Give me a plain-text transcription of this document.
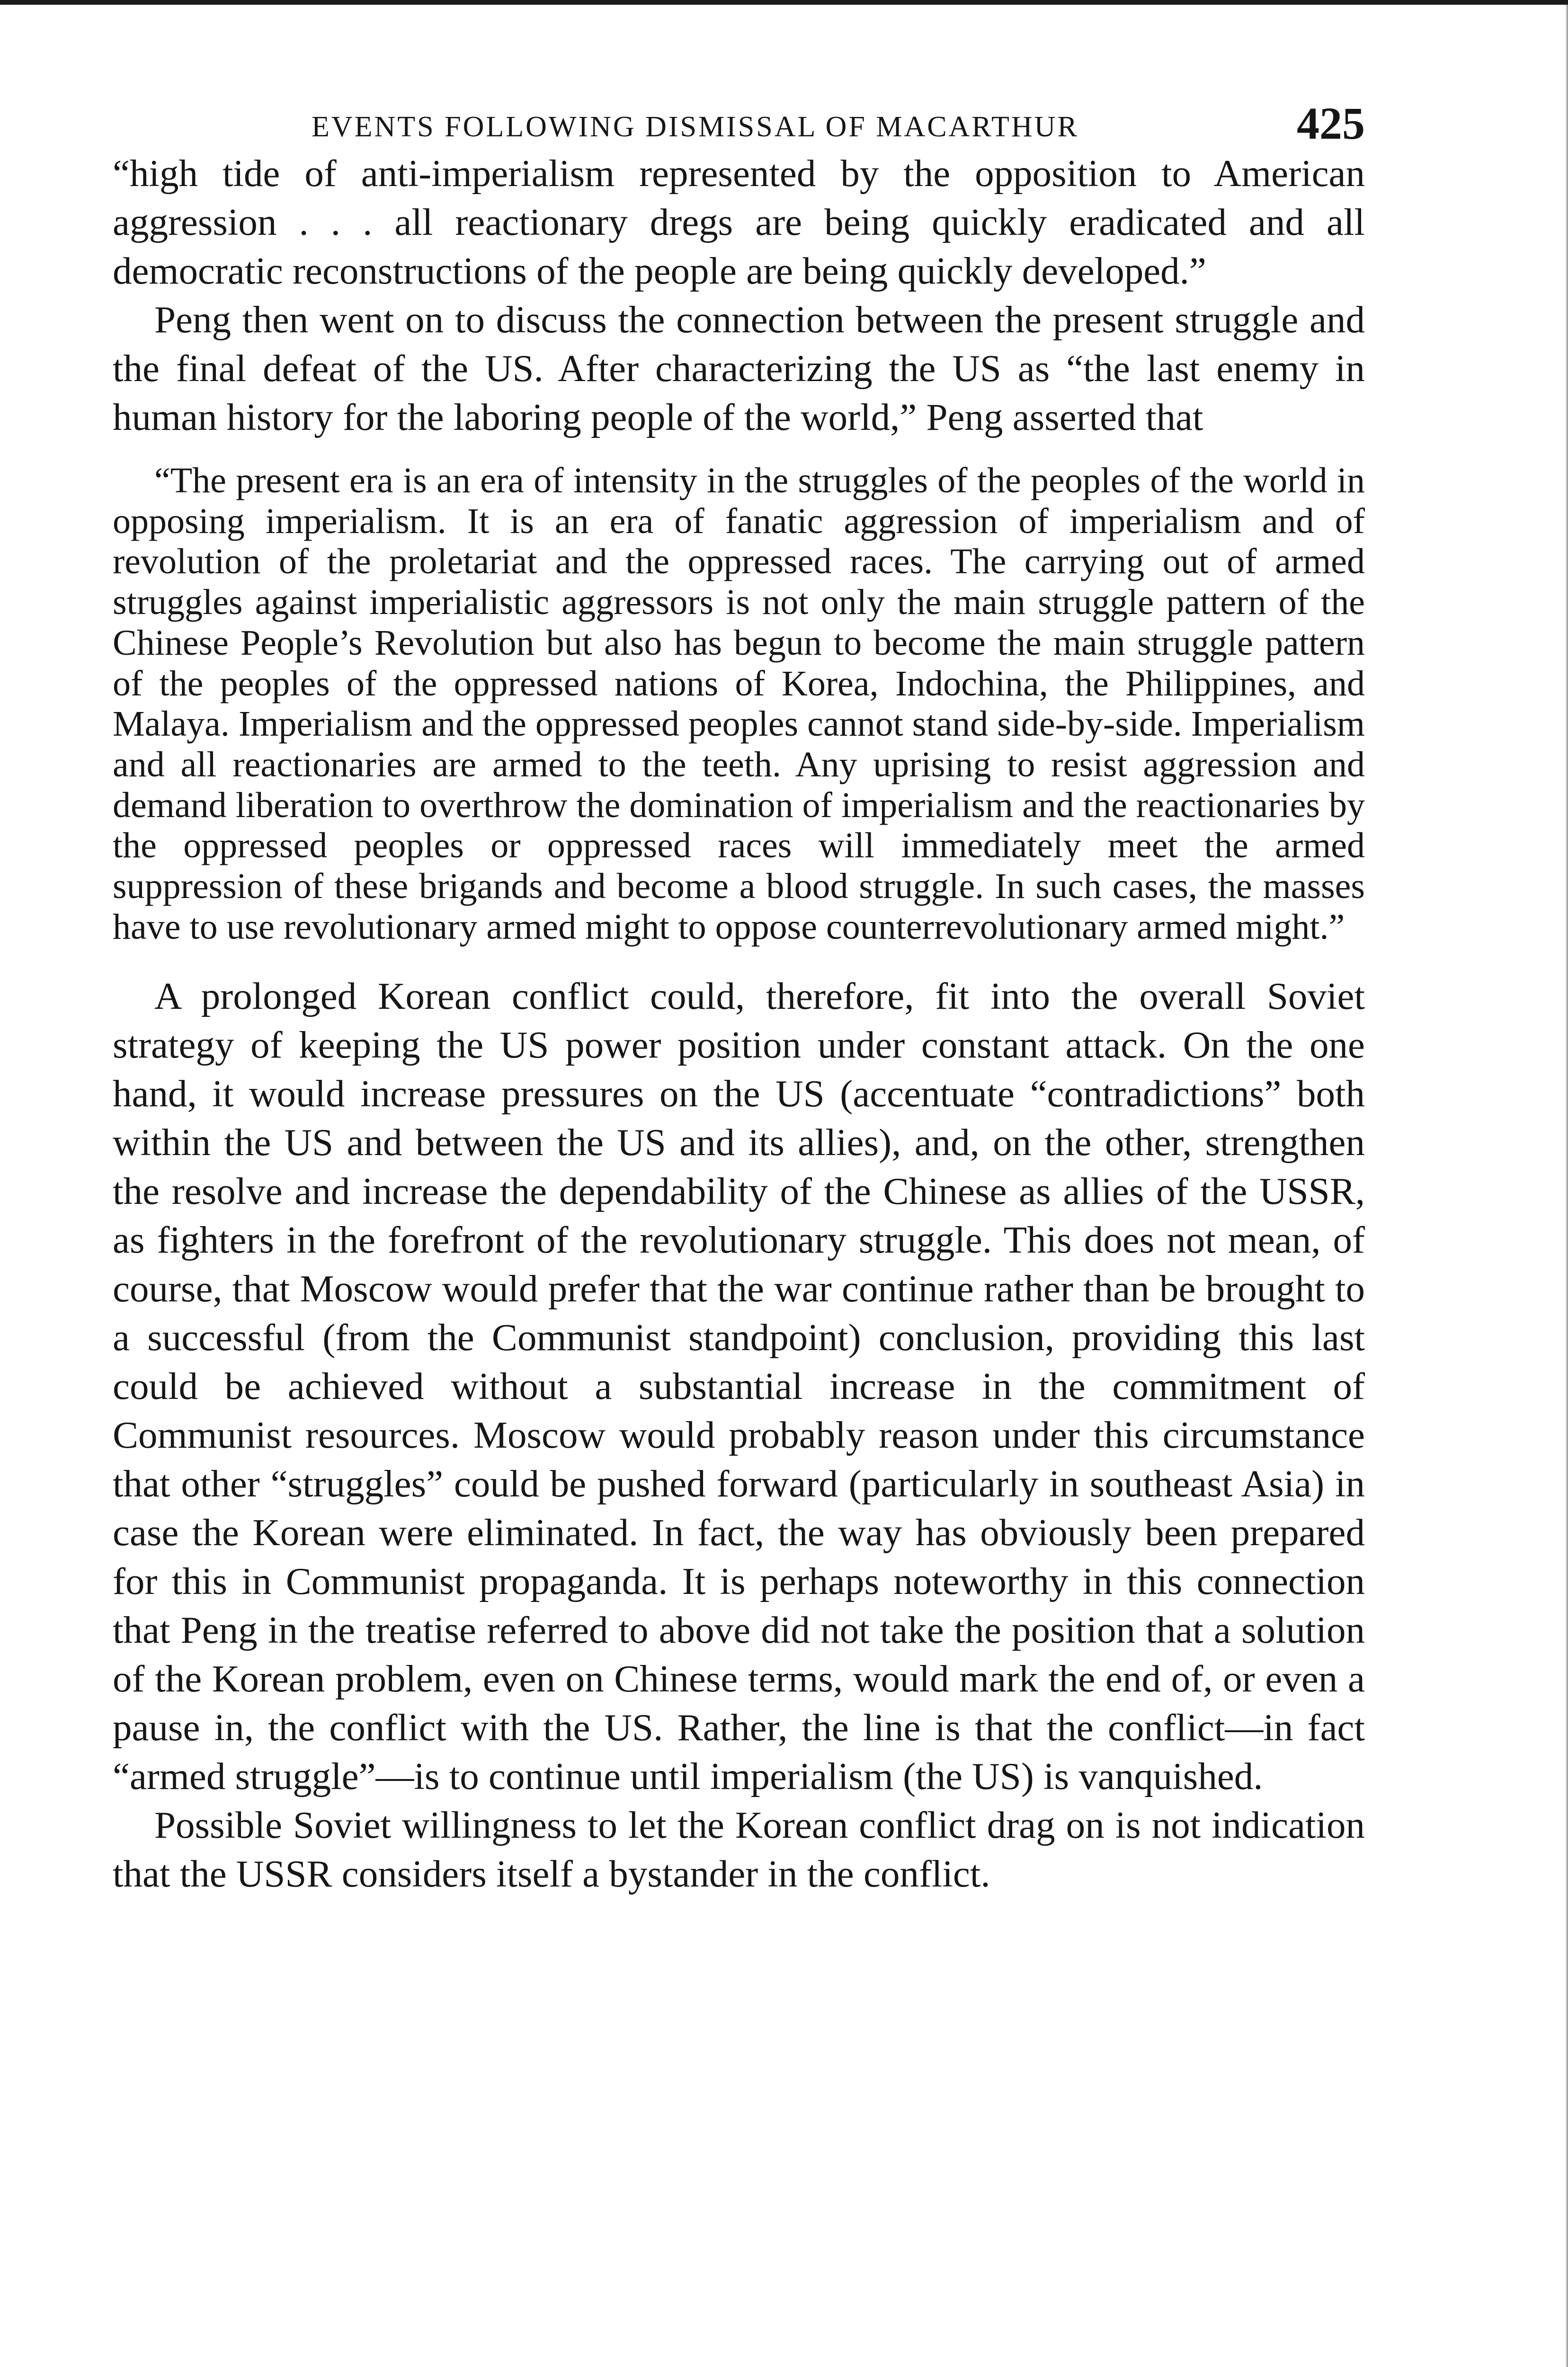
EVENTS FOLLOWING DISMISSAL OF MACARTHUR	425

“high tide of anti-imperialism represented by the opposition to American aggression . . . all reactionary dregs are being quickly eradicated and all democratic reconstructions of the people are being quickly developed.”

Peng then went on to discuss the connection between the present struggle and the final defeat of the US. After characterizing the US as “the last enemy in human history for the laboring people of the world,” Peng asserted that

“The present era is an era of intensity in the struggles of the peoples of the world in opposing imperialism. It is an era of fanatic aggression of imperialism and of revolution of the proletariat and the oppressed races. The carrying out of armed struggles against imperialistic aggressors is not only the main struggle pattern of the Chinese People’s Revolution but also has begun to become the main struggle pattern of the peoples of the oppressed nations of Korea, Indochina, the Philippines, and Malaya. Imperialism and the oppressed peoples cannot stand side-by-side. Imperialism and all reactionaries are armed to the teeth. Any uprising to resist aggression and demand liberation to overthrow the domination of imperialism and the reactionaries by the oppressed peoples or oppressed races will immediately meet the armed suppression of these brigands and become a blood struggle. In such cases, the masses have to use revolutionary armed might to oppose counterrevolutionary armed might.”

A prolonged Korean conflict could, therefore, fit into the overall Soviet strategy of keeping the US power position under constant attack. On the one hand, it would increase pressures on the US (accentuate “contradictions” both within the US and between the US and its allies), and, on the other, strengthen the resolve and increase the dependability of the Chinese as allies of the USSR, as fighters in the forefront of the revolutionary struggle. This does not mean, of course, that Moscow would prefer that the war continue rather than be brought to a successful (from the Communist standpoint) conclusion, providing this last could be achieved without a substantial increase in the commitment of Communist resources. Moscow would probably reason under this circumstance that other “struggles” could be pushed forward (particularly in southeast Asia) in case the Korean were eliminated. In fact, the way has obviously been prepared for this in Communist propaganda. It is perhaps noteworthy in this connection that Peng in the treatise referred to above did not take the position that a solution of the Korean problem, even on Chinese terms, would mark the end of, or even a pause in, the conflict with the US. Rather, the line is that the conflict—in fact “armed struggle”—is to continue until imperialism (the US) is vanquished.

Possible Soviet willingness to let the Korean conflict drag on is not indication that the USSR considers itself a bystander in the conflict.
